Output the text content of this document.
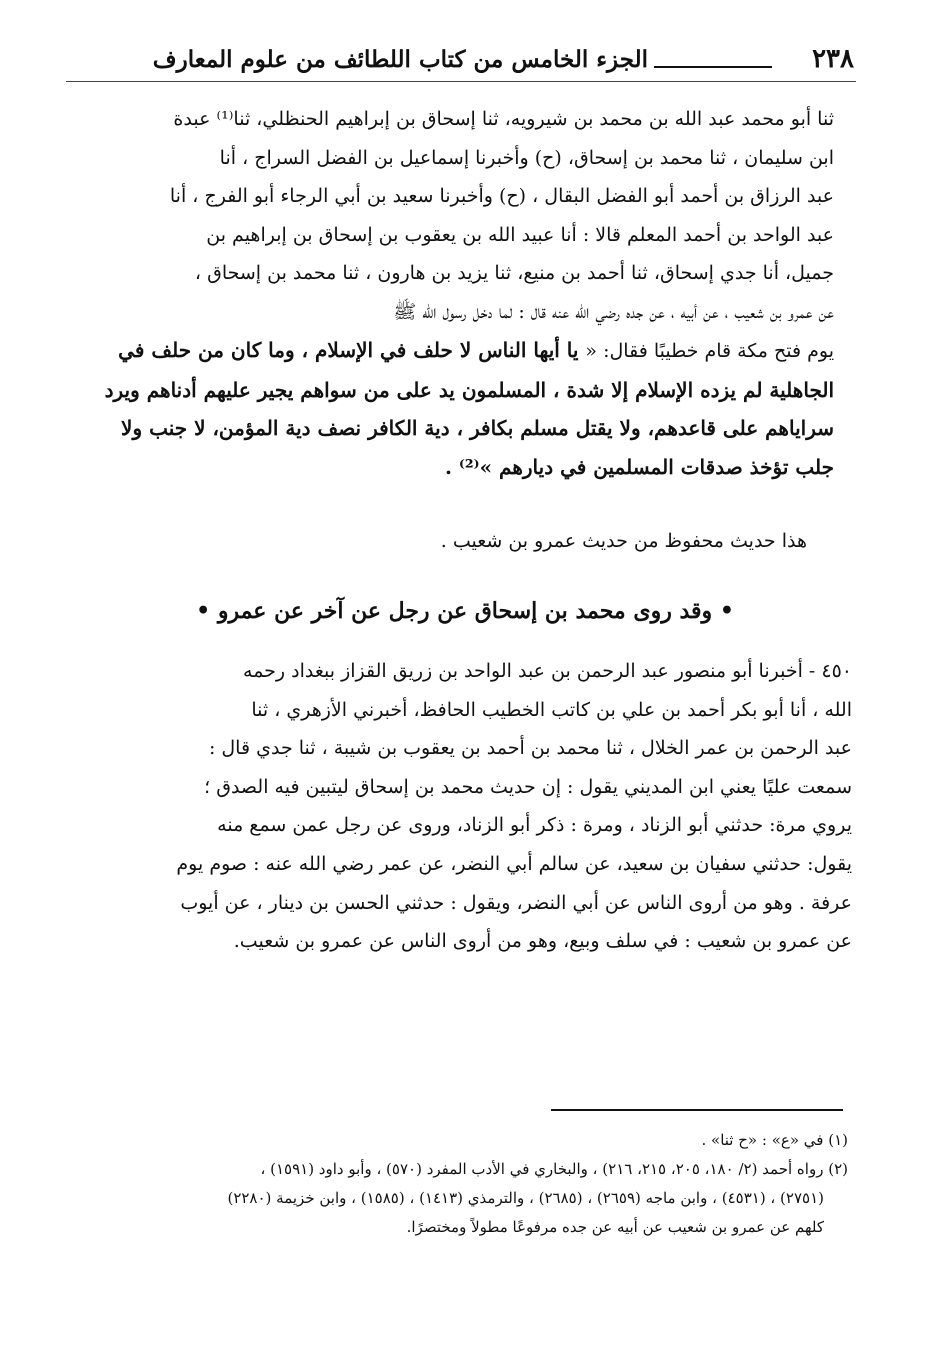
٢٣٨
الجزء الخامس من كتاب اللطائف من علوم المعارف
ثنا أبو محمد عبد الله بن محمد بن شيرويه، ثنا إسحاق بن إبراهيم الحنظلي، ثنا⁽¹⁾ عبدة
ابن سليمان ، ثنا محمد بن إسحاق، (ح) وأخبرنا إسماعيل بن الفضل السراج ، أنا
عبد الرزاق بن أحمد أبو الفضل البقال ، (ح) وأخبرنا سعيد بن أبي الرجاء أبو الفرج ، أنا
عبد الواحد بن أحمد المعلم قالا : أنا عبيد الله بن يعقوب بن إسحاق بن إبراهيم بن
جميل، أنا جدي إسحاق، ثنا أحمد بن منيع، ثنا يزيد بن هارون ، ثنا محمد بن إسحاق ،
عن عمرو بن شعيب ، عن أبيه ، عن جده رضي الله عنه قال : لما دخل رسول الله ﷺ
يوم فتح مكة قام خطيبًا فقال: « يا أيها الناس لا حلف في الإسلام ، وما كان من حلف في
الجاهلية لم يزده الإسلام إلا شدة ، المسلمون يد على من سواهم يجير عليهم أدناهم ويرد
سراياهم على قاعدهم، ولا يقتل مسلم بكافر ، دية الكافر نصف دية المؤمن، لا جنب ولا
جلب تؤخذ صدقات المسلمين في ديارهم »⁽²⁾ .
هذا حديث محفوظ من حديث عمرو بن شعيب .
• وقد روى محمد بن إسحاق عن رجل عن آخر عن عمرو •
٤٥٠ - أخبرنا أبو منصور عبد الرحمن بن عبد الواحد بن زريق القزاز ببغداد رحمه
الله ، أنا أبو بكر أحمد بن علي بن كاتب الخطيب الحافظ، أخبرني الأزهري ، ثنا
عبد الرحمن بن عمر الخلال ، ثنا محمد بن أحمد بن يعقوب بن شيبة ، ثنا جدي قال :
سمعت عليًا يعني ابن المديني يقول : إن حديث محمد بن إسحاق ليتبين فيه الصدق ؛
يروي مرة: حدثني أبو الزناد ، ومرة : ذكر أبو الزناد، وروى عن رجل عمن سمع منه
يقول: حدثني سفيان بن سعيد، عن سالم أبي النضر، عن عمر رضي الله عنه : صوم يوم
عرفة . وهو من أروى الناس عن أبي النضر، ويقول : حدثني الحسن بن دينار ، عن أيوب
عن عمرو بن شعيب : في سلف وبيع، وهو من أروى الناس عن عمرو بن شعيب.
(١) في «ع» : «ح ثنا» .
(٢) رواه أحمد (٢/ ١٨٠، ٢٠٥، ٢١٥، ٢١٦) ، والبخاري في الأدب المفرد (٥٧٠) ، وأبو داود (١٥٩١) ،
(٢٧٥١) ، (٤٥٣١) ، وابن ماجه (٢٦٥٩) ، (٢٦٨٥) ، والترمذي (١٤١٣) ، (١٥٨٥) ، وابن خزيمة (٢٢٨٠)
كلهم عن عمرو بن شعيب عن أبيه عن جده مرفوعًا مطولاً ومختصرًا.
